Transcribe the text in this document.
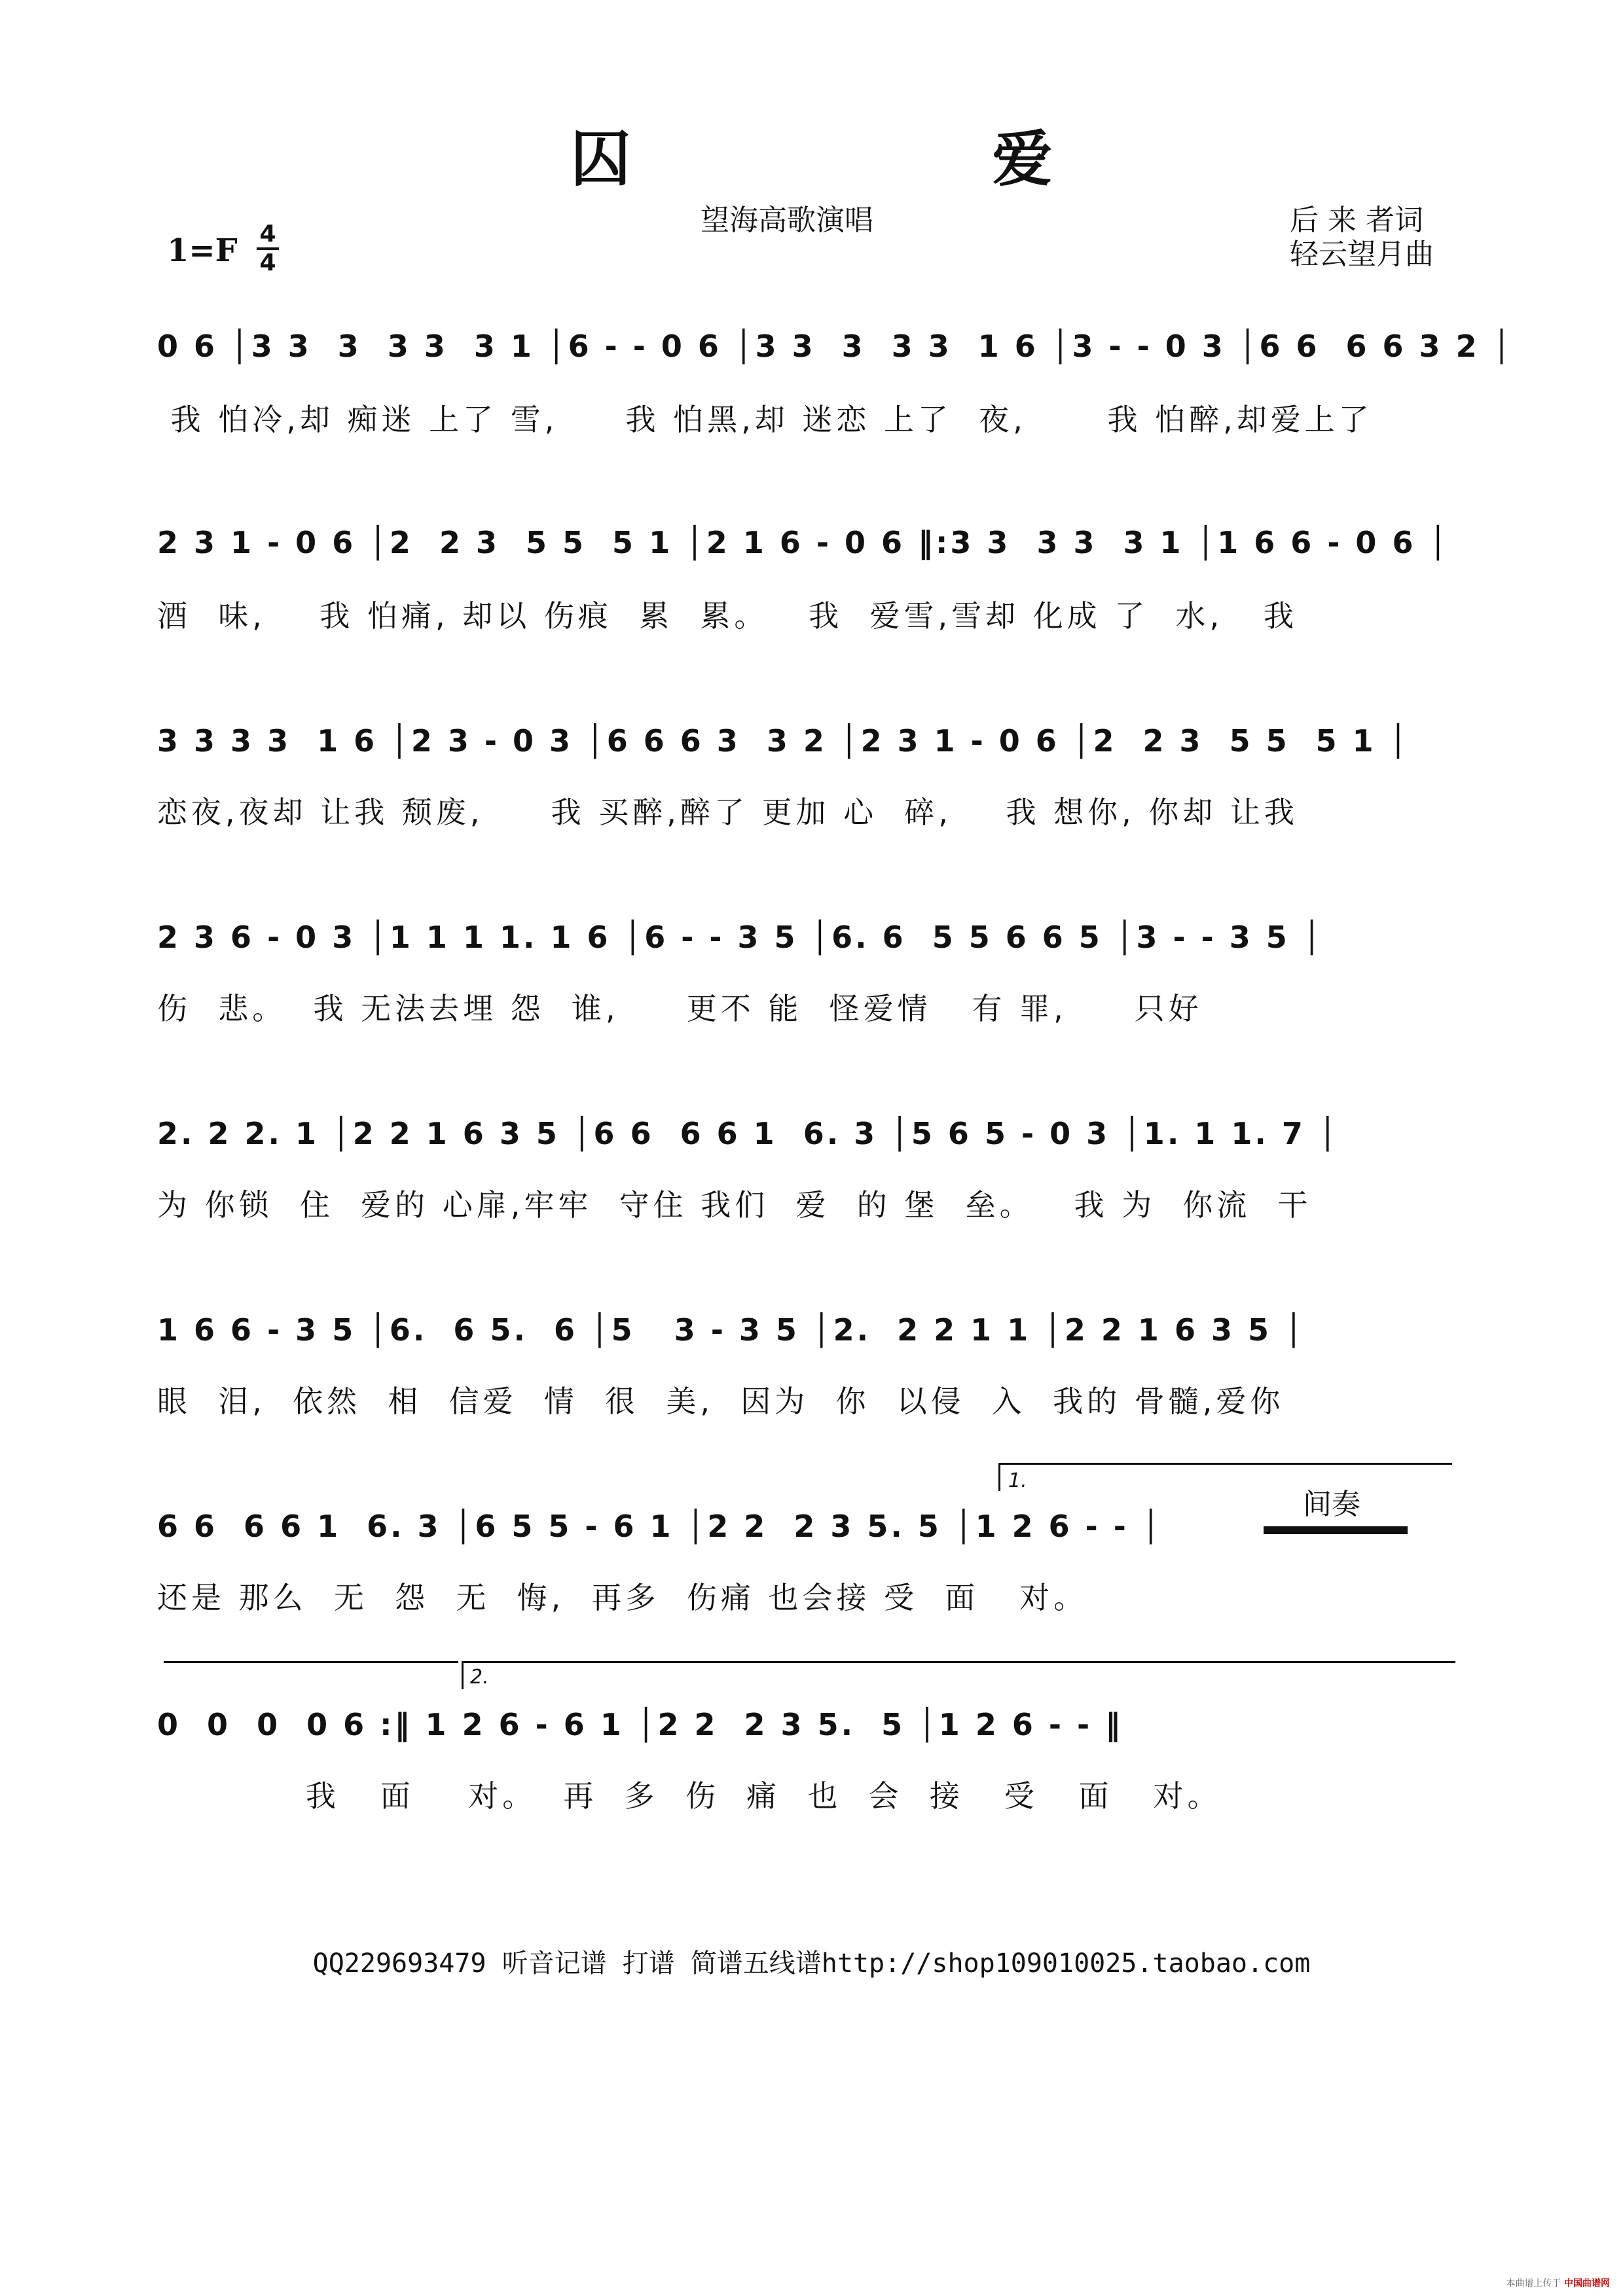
囚 爱
望海高歌演唱	后 来 者词
轻云望月曲
1=F 4
4
0 6 │3 3  3  3 3  3 1 │6 - - 0 6 │3 3  3  3 3  1 6 │3 - - 0 3 │6 6  6 6 3 2 │
我 怕冷,却 痴迷 上了 雪,     我 怕黑,却 迷恋 上了  夜,      我 怕醉,却爱上了
2 3 1 - 0 6 │2  2 3  5 5  5 1 │2 1 6 - 0 6 ‖:3 3  3 3  3 1 │1 6 6 - 0 6 │
酒  味,    我 怕痛, 却以 伤痕  累  累。   我  爱雪,雪却 化成 了  水,   我
3 3 3 3  1 6 │2 3 - 0 3 │6 6 6 3  3 2 │2 3 1 - 0 6 │2  2 3  5 5  5 1 │
恋夜,夜却 让我 颓废,     我 买醉,醉了 更加 心  碎,    我 想你, 你却 让我
2 3 6 - 0 3 │1 1 1 1. 1 6 │6 - - 3 5 │6. 6  5 5 6 6 5 │3 - - 3 5 │
伤  悲。  我 无法去埋 怨  谁,     更不 能  怪爱情   有 罪,     只好
2. 2 2. 1 │2 2 1 6 3 5 │6 6  6 6 1  6. 3 │5 6 5 - 0 3 │1. 1 1. 7 │
为 你锁  住  爱的 心扉,牢牢  守住 我们  爱  的 堡  垒。   我 为  你流  干
1 6 6 - 3 5 │6.  6 5.  6 │5   3 - 3 5 │2.  2 2 1 1 │2 2 1 6 3 5 │
眼  泪,  依然  相  信爱  情  很  美,  因为  你  以侵  入  我的 骨髓,爱你
1.
间奏
6 6  6 6 1  6. 3 │6 5 5 - 6 1 │2 2  2 3 5. 5 │1 2 6 - - │
还是 那么  无  怨  无  悔,  再多  伤痛 也会接 受  面   对。
2.
0  0  0  0 6 :‖ 1 2 6 - 6 1 │2 2  2 3 5.  5 │1 2 6 - - ‖
我   面    对。  再  多  伤  痛  也  会  接   受   面   对。
QQ229693479 听音记谱 打谱 简谱五线谱http://shop109010025.taobao.com
本曲谱上传于 中国曲谱网
